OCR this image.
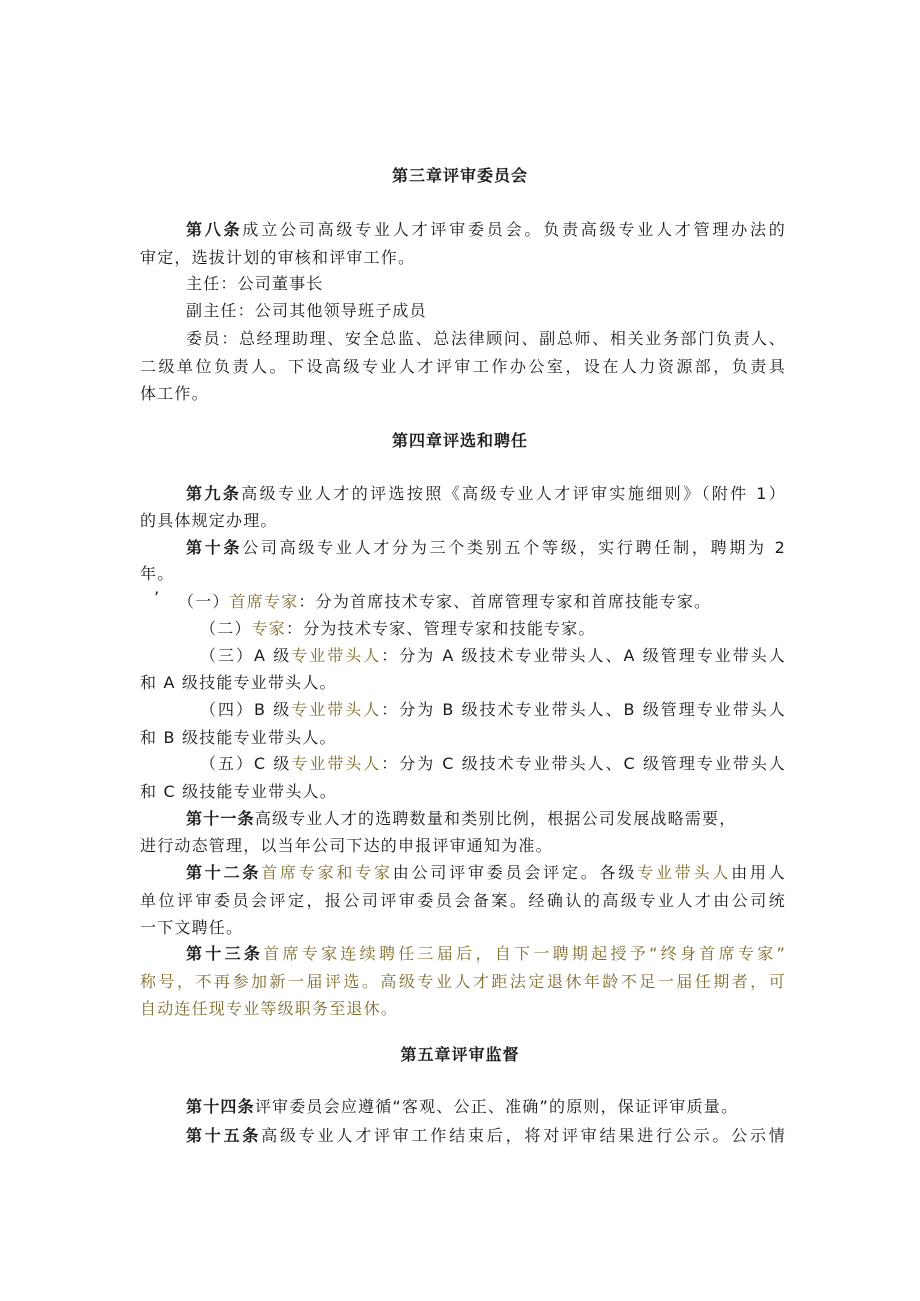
第三章评审委员会
第八条成立公司高级专业人才评审委员会。负责高级专业人才管理办法的
审定，选拔计划的审核和评审工作。
主任：公司董事长
副主任：公司其他领导班子成员
委员：总经理助理、安全总监、总法律顾问、副总师、相关业务部门负责人、
二级单位负责人。下设高级专业人才评审工作办公室，设在人力资源部，负责具
体工作。
第四章评选和聘任
第九条高级专业人才的评选按照《高级专业人才评审实施细则》（附件 1）
的具体规定办理。
第十条公司高级专业人才分为三个类别五个等级，实行聘任制，聘期为 2
年。
’ （一）首席专家：分为首席技术专家、首席管理专家和首席技能专家。
（二）专家：分为技术专家、管理专家和技能专家。
（三）A 级专业带头人：分为 A 级技术专业带头人、A 级管理专业带头人
和 A 级技能专业带头人。
（四）B 级专业带头人：分为 B 级技术专业带头人、B 级管理专业带头人
和 B 级技能专业带头人。
（五）C 级专业带头人：分为 C 级技术专业带头人、C 级管理专业带头人
和 C 级技能专业带头人。
第十一条高级专业人才的选聘数量和类别比例，根据公司发展战略需要，
进行动态管理，以当年公司下达的申报评审通知为准。
第十二条首席专家和专家由公司评审委员会评定。各级专业带头人由用人
单位评审委员会评定，报公司评审委员会备案。经确认的高级专业人才由公司统
一下文聘任。
第十三条首席专家连续聘任三届后，自下一聘期起授予“终身首席专家”
称号，不再参加新一届评选。高级专业人才距法定退休年龄不足一届任期者，可
自动连任现专业等级职务至退休。
第五章评审监督
第十四条评审委员会应遵循“客观、公正、准确”的原则，保证评审质量。
第十五条高级专业人才评审工作结束后，将对评审结果进行公示。公示情
